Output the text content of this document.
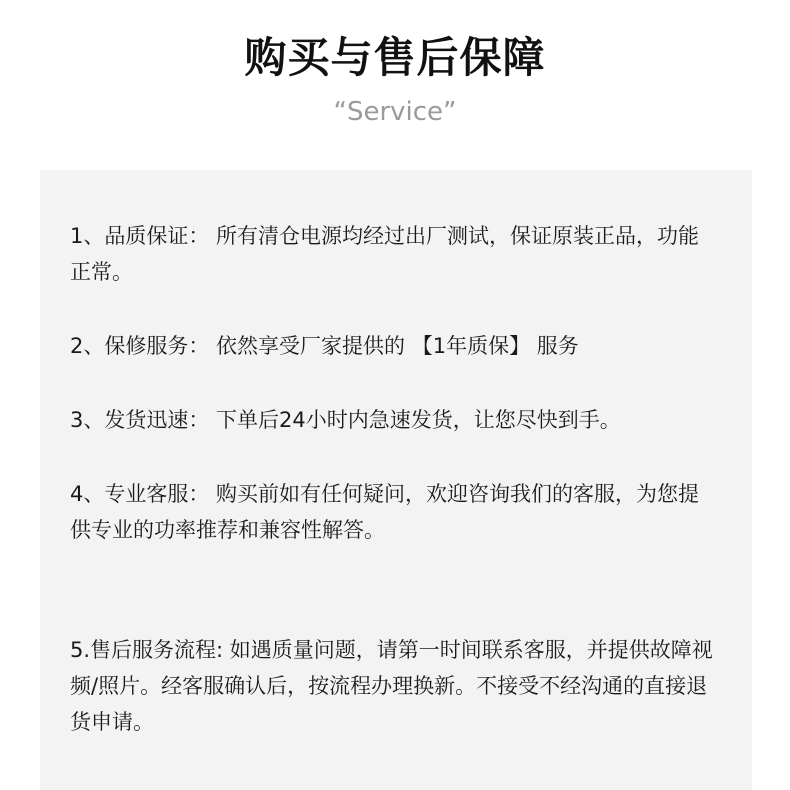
购买与售后保障
“Service”

1、品质保证： 所有清仓电源均经过出厂测试，保证原装正品，功能正常。

2、保修服务： 依然享受厂家提供的 【1年质保】 服务

3、发货迅速： 下单后24小时内急速发货，让您尽快到手。

4、专业客服： 购买前如有任何疑问，欢迎咨询我们的客服，为您提供专业的功率推荐和兼容性解答。

5.售后服务流程: 如遇质量问题，请第一时间联系客服，并提供故障视频/照片。经客服确认后，按流程办理换新。不接受不经沟通的直接退货申请。
